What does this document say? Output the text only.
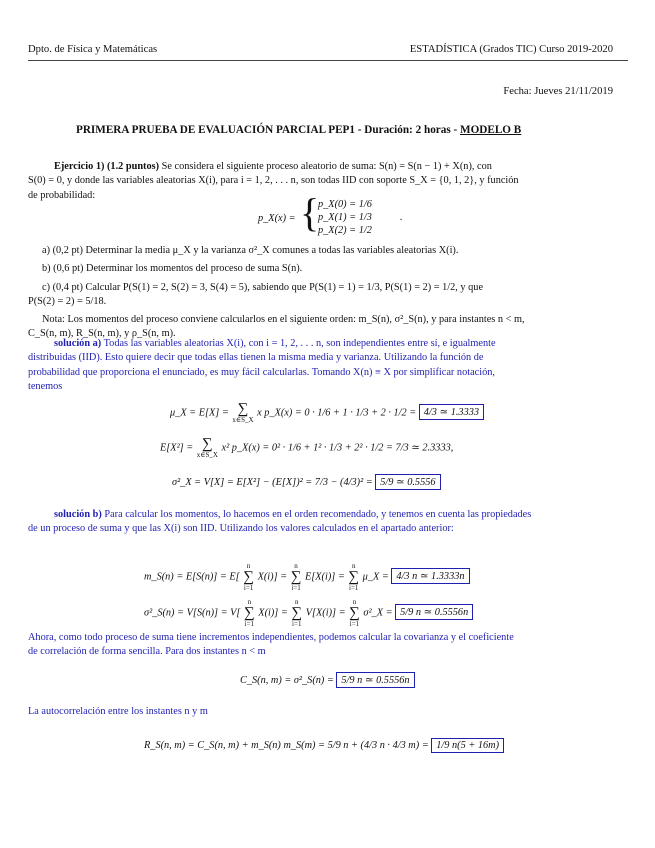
Dpto. de Física y Matemáticas	ESTADÍSTICA (Grados TIC) Curso 2019-2020
Fecha: Jueves 21/11/2019
PRIMERA PRUEBA DE EVALUACIÓN PARCIAL PEP1 - Duración: 2 horas - MODELO B
Ejercicio 1) (1.2 puntos) Se considera el siguiente proceso aleatorio de suma: S(n) = S(n − 1) + X(n), con
S(0) = 0, y donde las variables aleatorias X(i), para i = 1, 2, . . . n, son todas IID con soporte S_X = {0, 1, 2}, y función
de probabilidad:
p_X(x) = {
p_X(0) = 1/6
p_X(1) = 1/3
p_X(2) = 1/2
.
a) (0,2 pt) Determinar la media μ_X y la varianza σ²_X comunes a todas las variables aleatorias X(i).
b) (0,6 pt) Determinar los momentos del proceso de suma S(n).
c) (0,4 pt) Calcular P(S(1) = 2, S(2) = 3, S(4) = 5), sabiendo que P(S(1) = 1) = 1/3, P(S(1) = 2) = 1/2, y que
P(S(2) = 2) = 5/18.
Nota: Los momentos del proceso conviene calcularlos en el siguiente orden: m_S(n), σ²_S(n), y para instantes n < m,
C_S(n, m), R_S(n, m), y ρ_S(n, m).
solución a) Todas las variables aleatorias X(i), con i = 1, 2, . . . n, son independientes entre sí, e igualmente
distribuidas (IID). Esto quiere decir que todas ellas tienen la misma media y varianza. Utilizando la función de
probabilidad que proporciona el enunciado, es muy fácil calcularlas. Tomando X(n) ≡ X por simplificar notación,
tenemos
μ_X = E[X] = ∑
x∈S_X x p_X(x) = 0 · 1/6 + 1 · 1/3 + 2 · 1/2 = 4/3 ≃ 1.3333
E[X²] = ∑
x∈S_X x² p_X(x) = 0² · 1/6 + 1² · 1/3 + 2² · 1/2 = 7/3 ≃ 2.3333,
σ²_X = V[X] = E[X²] − (E[X])² = 7/3 − (4/3)² = 5/9 ≃ 0.5556
solución b) Para calcular los momentos, lo hacemos en el orden recomendado, y tenemos en cuenta las propiedades
de un proceso de suma y que las X(i) son IID. Utilizando los valores calculados en el apartado anterior:
m_S(n) = E[S(n)] = E[ n
∑
i=1 X(i)] = n
∑
i=1 E[X(i)] = n
∑
i=1 μ_X = 4/3 n ≃ 1.3333n
σ²_S(n) = V[S(n)] = V[ n
∑
i=1 X(i)] = n
∑
i=1 V[X(i)] = n
∑
i=1 σ²_X = 5/9 n ≃ 0.5556n
Ahora, como todo proceso de suma tiene incrementos independientes, podemos calcular la covarianza y el coeficiente
de correlación de forma sencilla. Para dos instantes n < m
C_S(n, m) = σ²_S(n) = 5/9 n ≃ 0.5556n
La autocorrelación entre los instantes n y m
R_S(n, m) = C_S(n, m) + m_S(n) m_S(m) = 5/9 n + (4/3 n · 4/3 m) = 1/9 n(5 + 16m)
